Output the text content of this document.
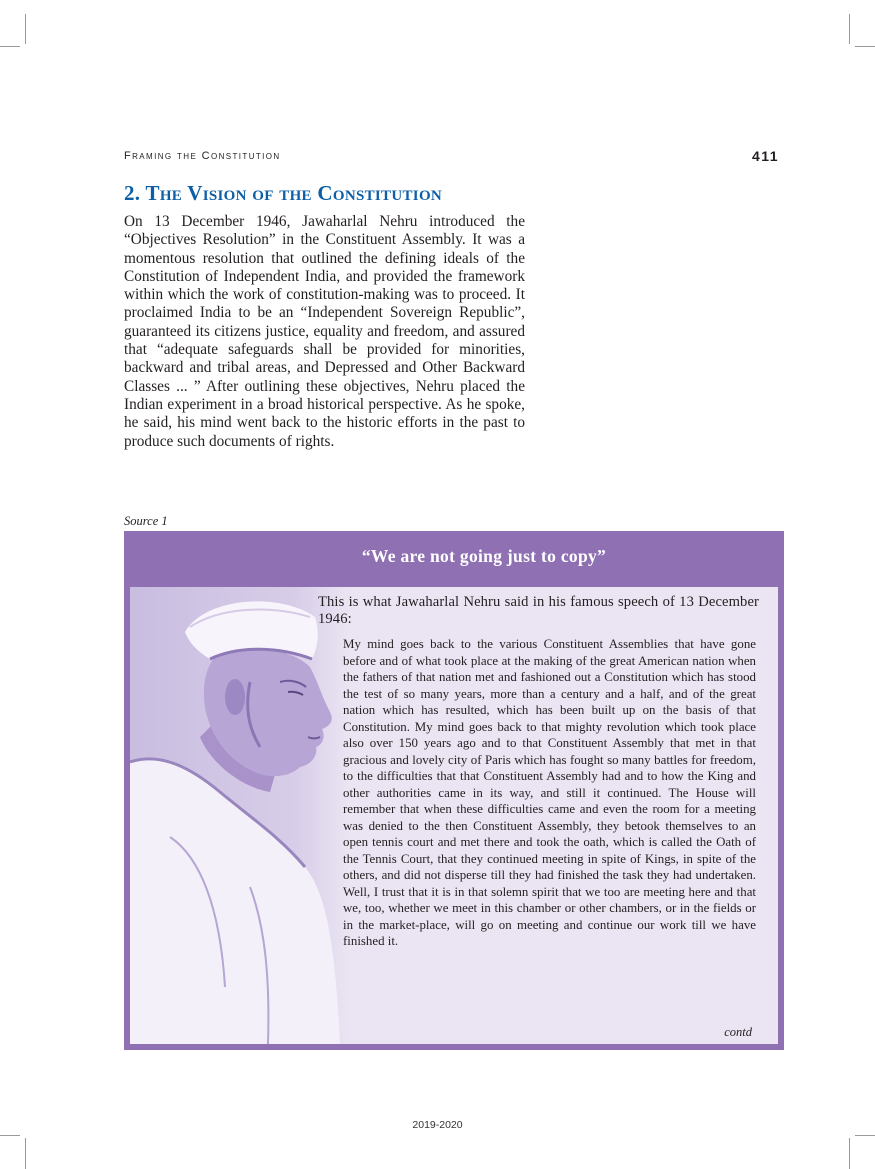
Framing the Constitution	411
2. The Vision of the Constitution

On 13 December 1946, Jawaharlal Nehru introduced the “Objectives Resolution” in the Constituent Assembly. It was a momentous resolution that outlined the defining ideals of the Constitution of Independent India, and provided the framework within which the work of constitution-making was to proceed. It proclaimed India to be an “Independent Sovereign Republic”, guaranteed its citizens justice, equality and freedom, and assured that “adequate safeguards shall be provided for minorities, backward and tribal areas, and Depressed and Other Backward Classes ... ” After outlining these objectives, Nehru placed the Indian experiment in a broad historical perspective. As he spoke, he said, his mind went back to the historic efforts in the past to produce such documents of rights.

Source 1
“We are not going just to copy”

This is what Jawaharlal Nehru said in his famous speech of 13 December 1946:

My mind goes back to the various Constituent Assemblies that have gone before and of what took place at the making of the great American nation when the fathers of that nation met and fashioned out a Constitution which has stood the test of so many years, more than a century and a half, and of the great nation which has resulted, which has been built up on the basis of that Constitution. My mind goes back to that mighty revolution which took place also over 150 years ago and to that Constituent Assembly that met in that gracious and lovely city of Paris which has fought so many battles for freedom, to the difficulties that that Constituent Assembly had and to how the King and other authorities came in its way, and still it continued. The House will remember that when these difficulties came and even the room for a meeting was denied to the then Constituent Assembly, they betook themselves to an open tennis court and met there and took the oath, which is called the Oath of the Tennis Court, that they continued meeting in spite of Kings, in spite of the others, and did not disperse till they had finished the task they had undertaken. Well, I trust that it is in that solemn spirit that we too are meeting here and that we, too, whether we meet in this chamber or other chambers, or in the fields or in the market-place, will go on meeting and continue our work till we have finished it.

contd
2019-2020
